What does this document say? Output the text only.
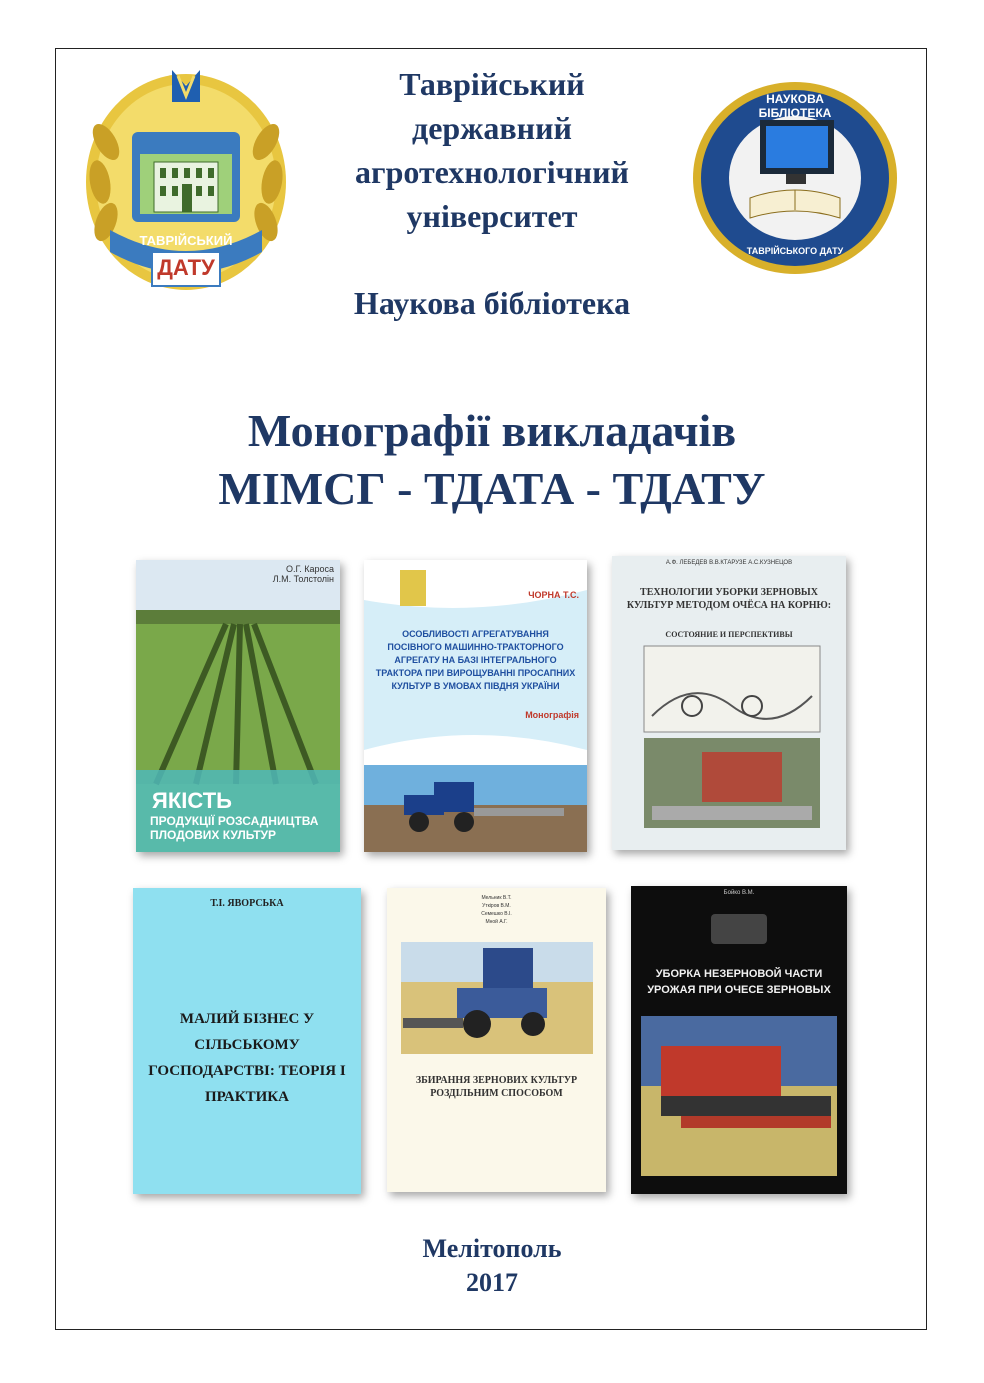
ТАВРІЙСЬКИЙ
ДАТУ
Таврійський
державний
агротехнологічний
університет
Наукова бібліотека
НАУКОВА БІБЛІОТЕКА
ТАВРІЙСЬКОГО ДАТУ
Монографії викладачів
МІМСГ - ТДАТА - ТДАТУ
О.Г. Кароса
Л.М. Толстолін
ЯКІСТЬ
ПРОДУКЦІЇ РОЗСАДНИЦТВА ПЛОДОВИХ КУЛЬТУР
ЧОРНА Т.С.
ОСОБЛИВОСТІ АГРЕГАТУВАННЯ ПОСІВНОГО МАШИННО-ТРАКТОРНОГО АГРЕГАТУ НА БАЗІ ІНТЕГРАЛЬНОГО ТРАКТОРА ПРИ ВИРОЩУВАННІ ПРОСАПНИХ КУЛЬТУР В УМОВАХ ПІВДНЯ УКРАЇНИ
Монографія
А.Ф. ЛЕБЕДЕВ В.В.КТАРУЗЕ А.С.КУЗНЕЦОВ
ТЕХНОЛОГИИ УБОРКИ ЗЕРНОВЫХ КУЛЬТУР МЕТОДОМ ОЧЁСА НА КОРНЮ:
СОСТОЯНИЕ И ПЕРСПЕКТИВЫ
Т.І. ЯВОРСЬКА
МАЛИЙ БІЗНЕС У СІЛЬСЬКОМУ ГОСПОДАРСТВІ: ТЕОРІЯ І ПРАКТИКА
Мельник В.Т.
Уткіров В.М.
Семешко В.І.
Мной А.Г.
ЗБИРАННЯ ЗЕРНОВИХ КУЛЬТУР РОЗДІЛЬНИМ СПОСОБОМ
Бойко В.М.
УБОРКА НЕЗЕРНОВОЙ ЧАСТИ УРОЖАЯ ПРИ ОЧЕСЕ ЗЕРНОВЫХ
Мелітополь
2017
